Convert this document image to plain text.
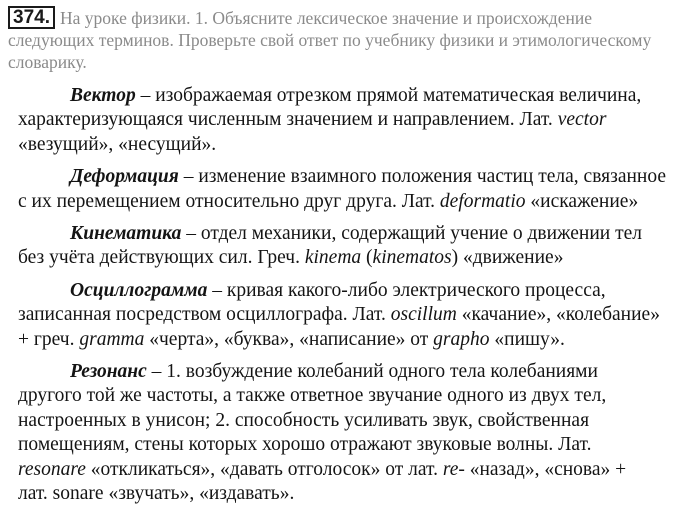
374. На уроке физики. 1. Объясните лексическое значение и происхождение
следующих терминов. Проверьте свой ответ по учебнику физики и этимологическому
словарику.
Вектор – изображаемая отрезком прямой математическая величина,
характеризующаяся численным значением и направлением. Лат. vector
«везущий», «несущий».
Деформация – изменение взаимного положения частиц тела, связанное
с их перемещением относительно друг друга. Лат. deformatio «искажение»
Кинематика – отдел механики, содержащий учение о движении тел
без учёта действующих сил. Греч. kinema (kinematos) «движение»
Осциллограмма – кривая какого-либо электрического процесса,
записанная посредством осциллографа. Лат. oscillum «качание», «колебание»
+ греч. gramma «черта», «буква», «написание» от grapho «пишу».
Резонанс – 1. возбуждение колебаний одного тела колебаниями
другого той же частоты, а также ответное звучание одного из двух тел,
настроенных в унисон; 2. способность усиливать звук, свойственная
помещениям, стены которых хорошо отражают звуковые волны. Лат.
resonare «откликаться», «давать отголосок» от лат. re- «назад», «снова» +
лат. sonare «звучать», «издавать».
